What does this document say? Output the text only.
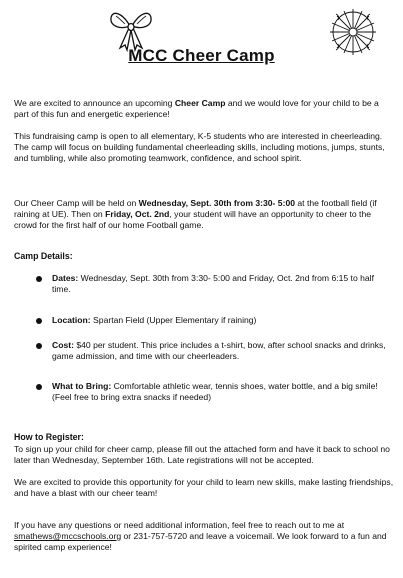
MCC Cheer Camp

We are excited to announce an upcoming Cheer Camp and we would love for your child to be a part of this fun and energetic experience!

This fundraising camp is open to all elementary, K-5 students who are interested in cheerleading. The camp will focus on building fundamental cheerleading skills, including motions, jumps, stunts, and tumbling, while also promoting teamwork, confidence, and school spirit.

Our Cheer Camp will be held on Wednesday, Sept. 30th from 3:30- 5:00 at the football field (if raining at UE). Then on Friday, Oct. 2nd, your student will have an opportunity to cheer to the crowd for the first half of our home Football game.

Camp Details:

Dates: Wednesday, Sept. 30th from 3:30- 5:00 and Friday, Oct. 2nd from 6:15 to half time.

Location: Spartan Field (Upper Elementary if raining)

Cost: $40 per student. This price includes a t-shirt, bow, after school snacks and drinks, game admission, and time with our cheerleaders.

What to Bring: Comfortable athletic wear, tennis shoes, water bottle, and a big smile! (Feel free to bring extra snacks if needed)

How to Register:

To sign up your child for cheer camp, please fill out the attached form and have it back to school no later than Wednesday, September 16th. Late registrations will not be accepted.

We are excited to provide this opportunity for your child to learn new skills, make lasting friendships, and have a blast with our cheer team!

If you have any questions or need additional information, feel free to reach out to me at smathews@mccschools.org or 231-757-5720 and leave a voicemail. We look forward to a fun and spirited camp experience!
